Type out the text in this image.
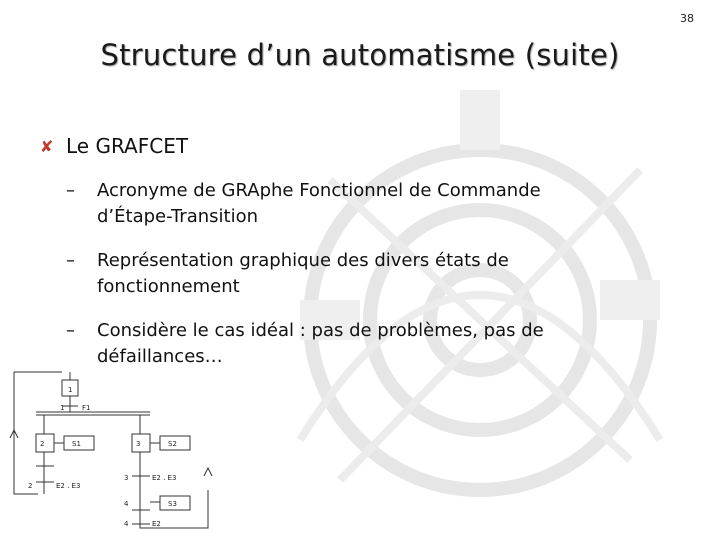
38
Structure d’un automatisme (suite)
✘ Le GRAFCET
–	Acronyme de GRAphe Fonctionnel de Commande
d’Étape-Transition
–	Représentation graphique des divers états de
fonctionnement
–	Considère le cas idéal : pas de problèmes, pas de
défaillances…
1
1	F1
2	S1	3	S2
2	E2 . E3
3	E2 . E3
4	S3
4	E2
